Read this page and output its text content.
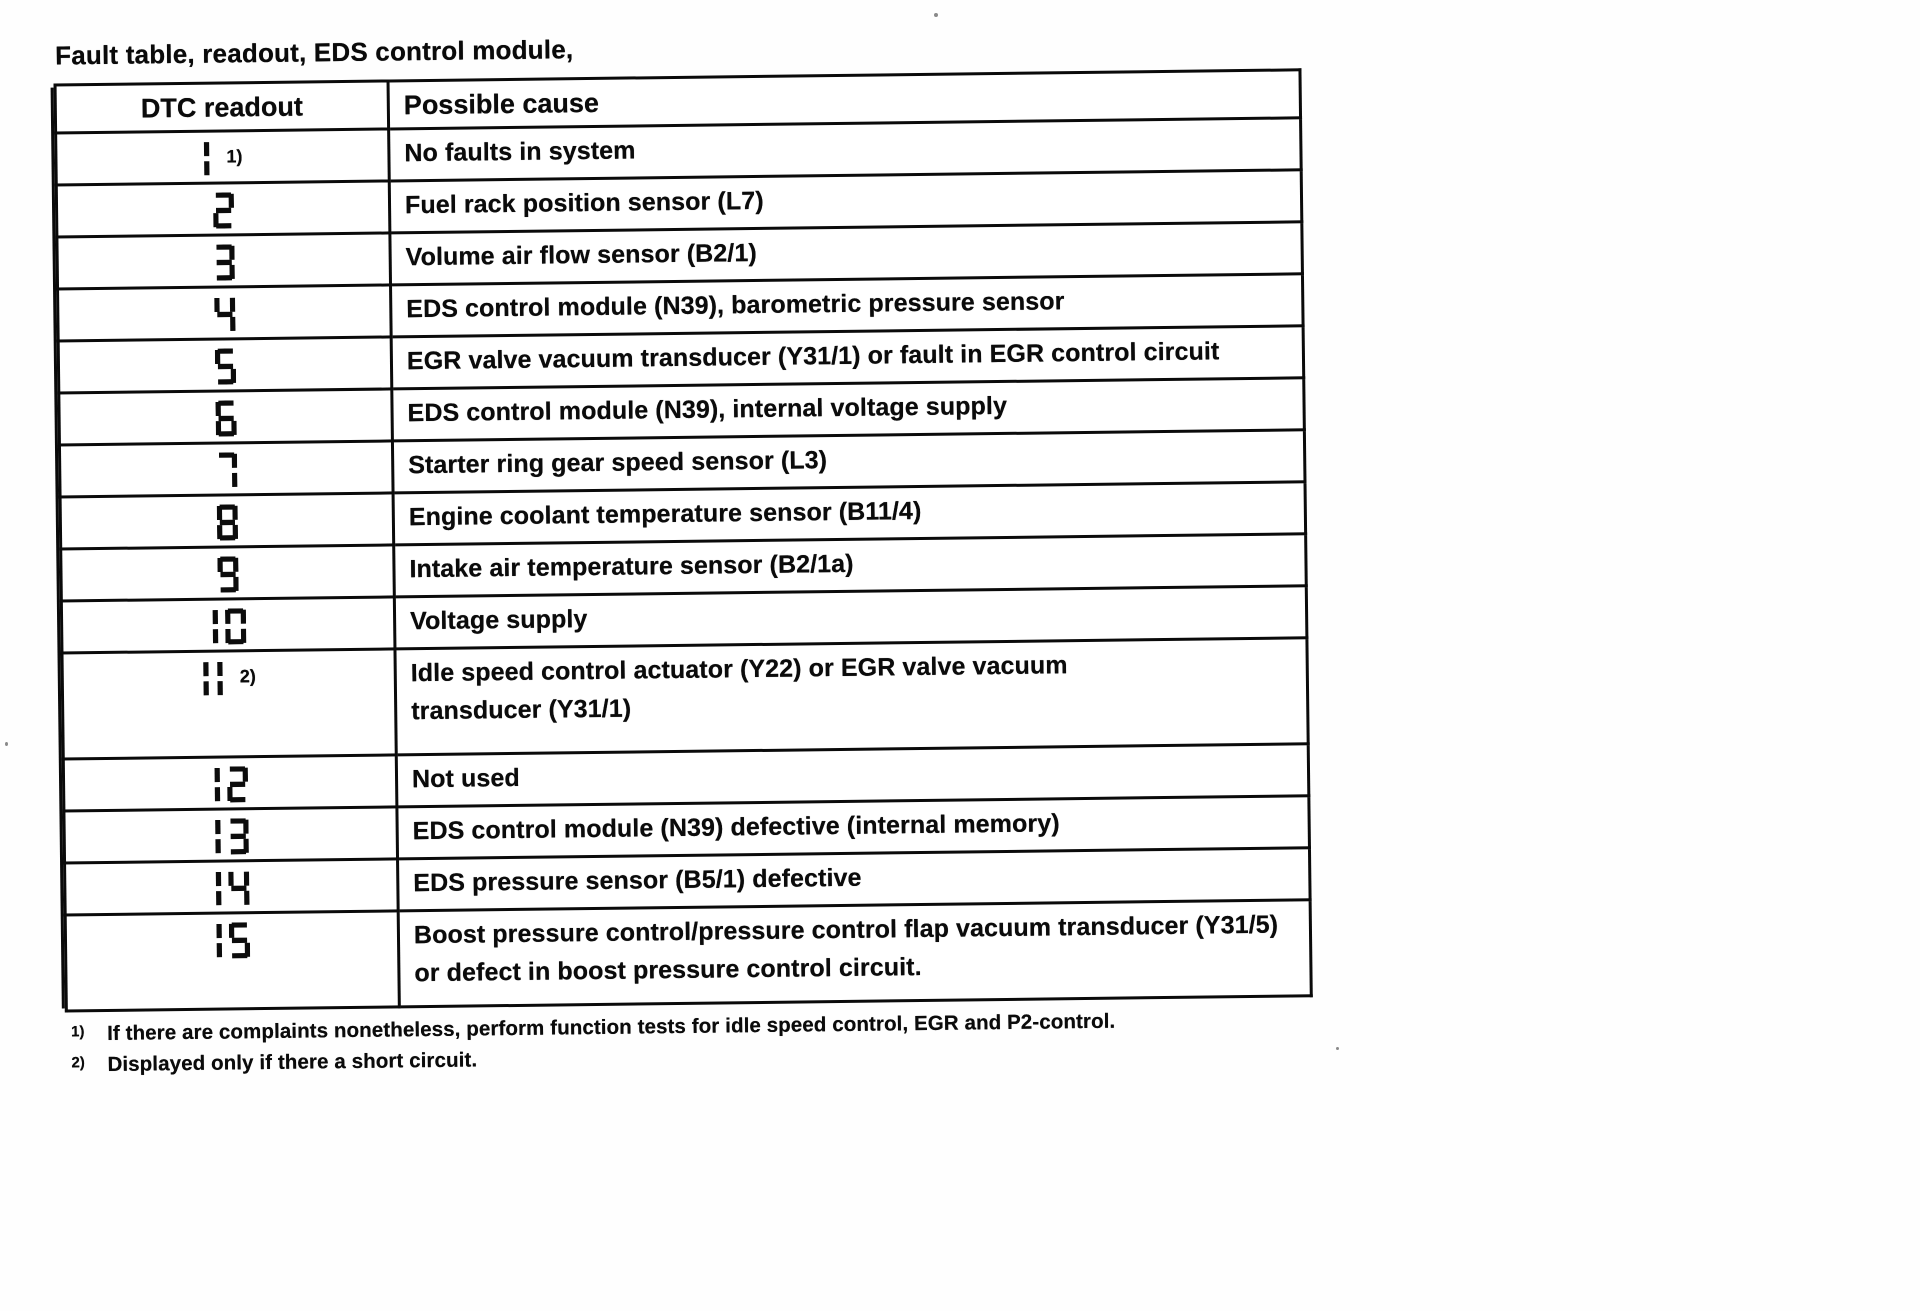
Fault table, readout, EDS control module,
DTC readout	Possible cause

$^{1)}$	No faults in system

	Fuel rack position sensor (L7)

	Volume air flow sensor (B2/1)

	EDS control module (N39), barometric pressure sensor

	EGR valve vacuum transducer (Y31/1) or fault in EGR control circuit

	EDS control module (N39), internal voltage supply

	Starter ring gear speed sensor (L3)

	Engine coolant temperature sensor (B11/4)

	Intake air temperature sensor (B2/1a)

	Voltage supply

$^{2)}$	Idle speed control actuator (Y22) or EGR valve vacuum
transducer (Y31/1)

	Not used

	EDS control module (N39) defective (internal memory)

	EDS pressure sensor (B5/1) defective

	Boost pressure control/pressure control flap vacuum transducer (Y31/5)
or defect in boost pressure control circuit.
1)	If there are complaints nonetheless, perform function tests for idle speed control, EGR and P2-control.
2)	Displayed only if there a short circuit.
